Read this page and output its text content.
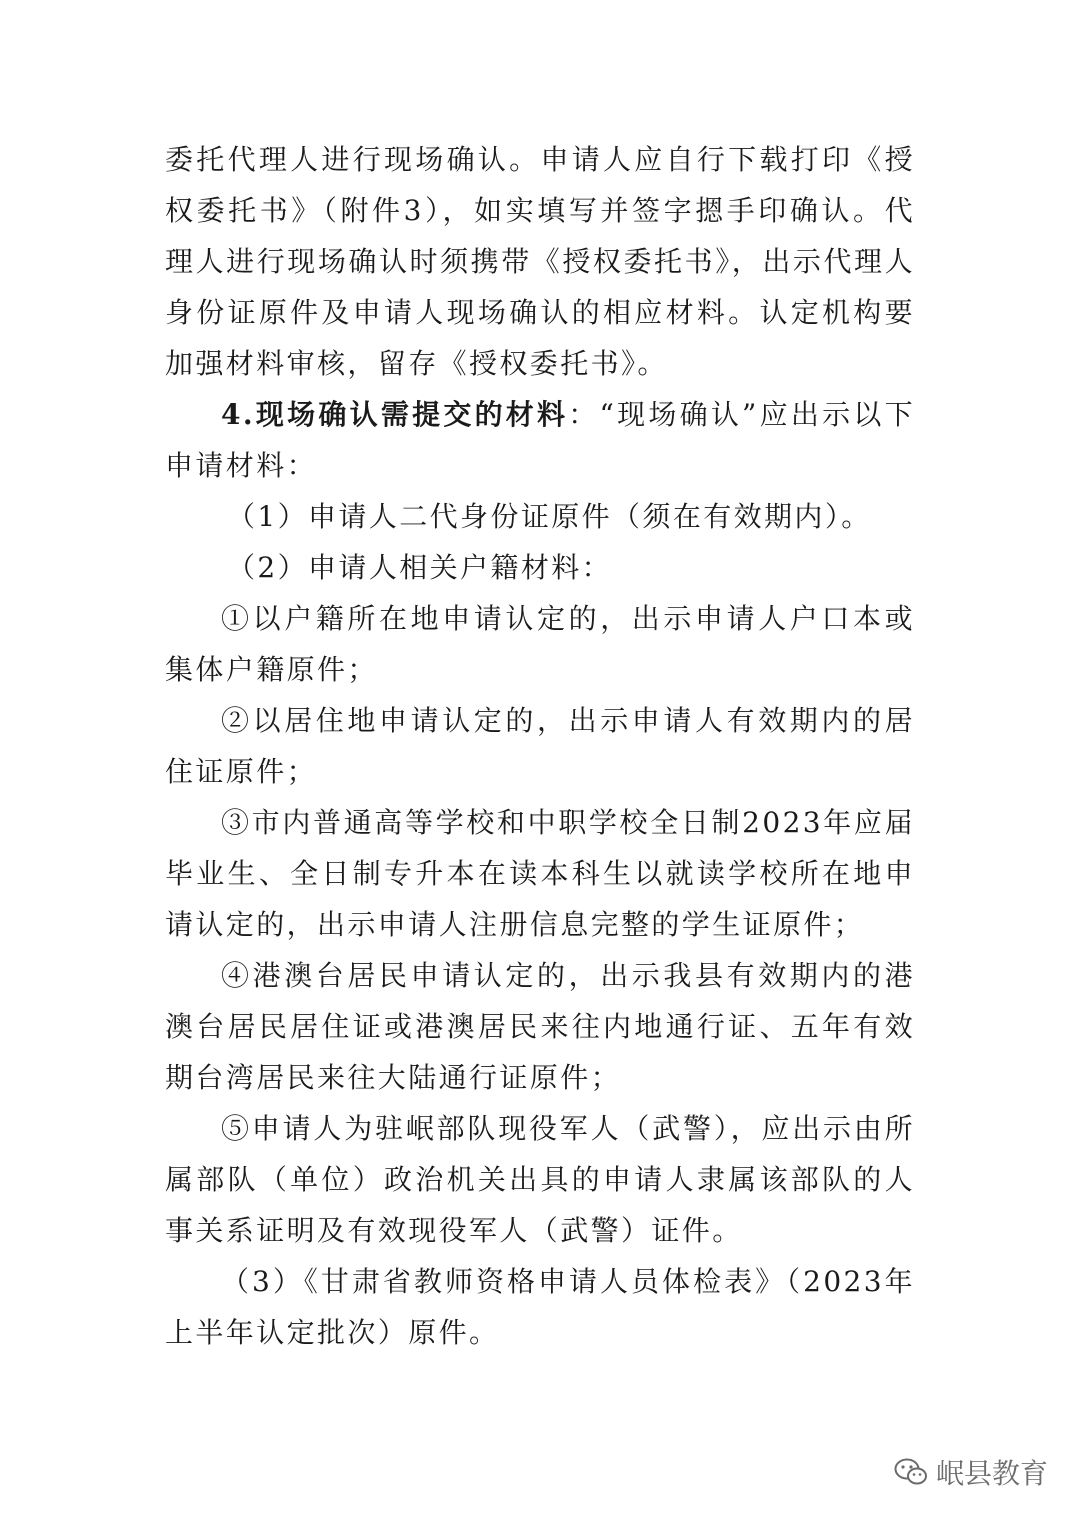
委托代理人进行现场确认。申请人应自行下载打印《授权委托书》（附件3），如实填写并签字摁手印确认。代理人进行现场确认时须携带《授权委托书》，出示代理人身份证原件及申请人现场确认的相应材料。认定机构要加强材料审核，留存《授权委托书》。

4.现场确认需提交的材料：“现场确认”应出示以下申请材料：

（1）申请人二代身份证原件（须在有效期内）。

（2）申请人相关户籍材料：

①以户籍所在地申请认定的，出示申请人户口本或集体户籍原件；

②以居住地申请认定的，出示申请人有效期内的居住证原件；

③市内普通高等学校和中职学校全日制2023年应届毕业生、全日制专升本在读本科生以就读学校所在地申请认定的，出示申请人注册信息完整的学生证原件；

④港澳台居民申请认定的，出示我县有效期内的港澳台居民居住证或港澳居民来往内地通行证、五年有效期台湾居民来往大陆通行证原件；

⑤申请人为驻岷部队现役军人（武警），应出示由所属部队（单位）政治机关出具的申请人隶属该部队的人事关系证明及有效现役军人（武警）证件。

（3）《甘肃省教师资格申请人员体检表》（2023年上半年认定批次）原件。

岷县教育
